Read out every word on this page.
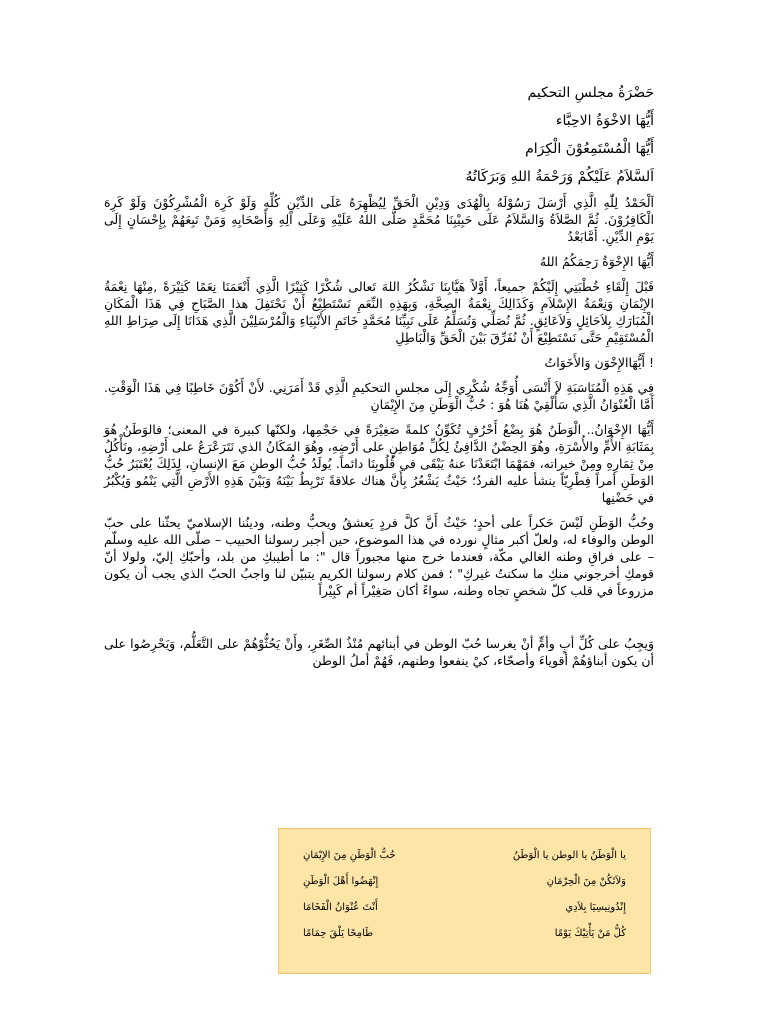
حَضْرَةُ مجلسِ التحكيم
أَيُّهَا الاخْوَةُ الاحِبَّاء
أَيُّهَا الْمُسْتَمِعُوْنَ الْكِرَام
اَلسَّلاَمُ عَلَيْكُمْ وَرَحْمَةُ اللهِ وَبَرَكَاتُهُ

اَلْحَمْدُ لِلّٰهِ الَّذِي أَرْسَلَ رَسُوْلَهُ بِالْهُدَى وَدِيْنِ الْحَقِّ لِيُظْهِرَهُ عَلَى الدِّيْنِ كُلِّهِ وَلَوْ كَرِهَ الْمُشْرِكُوْنَ وَلَوْ كَرِهَ الْكَافِرُوْنَ. ثُمَّ الصَّلاَةُ وَالسَّلاَمُ عَلَى حَبِيْبِنَا مُحَمَّدٍ صَلَّى اللهُ عَلَيْهِ وَعَلَى آلِهِ وَأَصْحَابِهِ وَمَنْ تَبِعَهُمْ بِإِحْسَانٍ إِلَى يَوْمِ الدِّيْنِ. أَمَّابَعْدُ

أَيُّهَا الإِخْوَةُ رَحِمَكُمُ اللهُ

قَبْلَ إِلْقَاءِ خُطْبَتِي إِلَيْكُمْ جميعاً، أَوَّلاً هَيَّابِنَا نَشْكُرُ اللهَ تَعالى شُكْرًا كَثِيْرًا الَّذِي أَنْعَمَنَا نِعَمًا كَثِيْرَةً ,مِنْهَا نِعْمَةُ الإِيْمَانِ وَنِعْمَةُ الإِسْلاَمِ وَكَذَالِكَ نِعْمَةُ الصِحَّةِ، وَبِهَذِهِ النِّعَمِ نَسْتَطِيْعُ أَنْ نَحْتَفِلَ هذا الصَّبَاحِ فِي هَذَا الْمَكَانِ الْمُبَارَكِ بِلاَحَائِلٍ وَلاَعَائِقٍ. ثُمَّ نُصَلِّي وَنُسَلِّمُ عَلَى نَبِيِّنَا مُحَمَّدٍ خَاتَمِ الأَنْبِيَاءِ وَالْمُرْسَلِيْنَ الَّذِي هَدَانَا إِلَى صِرَاطِ اللهِ الْمُسْتَقِيْمِ حَتَّى نَسْتَطِيْعَ أَنْ نُفَرِّقَ بَيْنَ الْحَقِّ وَالْبَاطِلِ

! أَيُّهَاالإِخْوَن وَالأَخَوَاتُ

فِي هَذِهِ الْمُنَاسَبَةِ لاَ أَنْسَى أُوَجِّهُ شُكْرِي إِلَى مجلسِ التحكيمِ الَّذِي قَدْ أَمَرَنِي. لأَنْ أَكُوْنَ خَاطِبًا فِي هَذَا الْوَقْتِ. أَمَّا الْعُنْوَانُ الَّذِي سَأُلْقِيْ هُنَا هُوَ : حُبُّ الْوَطَنِ مِنَ الإِيْمَانِ

أَيُّهَا الإِخْوَانُ.. الْوَطَنُ هُوَ بِضْعُ أَحْرُفٍ تُكَوِّنُ كلمةً صَغِيْرَةً في حَجْمِها، ولكنّها كبيرة في المعنى؛ فالوَطَنُ هُوَ بِمَثَابَةِ الأُمِّ والأُسْرَةِ، وهُوَ الحِضْنُ الدَّافِئُ لِكُلِّ مُوَاطِنٍ على أَرْضِهِ، وهُوَ المَكَانُ الذي نَتَرَعْرَعُ على أَرْضِهِ، ونَأْكُلُ مِنْ ثِمَارِهِ ومِنْ خيراته، فمَهْمَا ابْتَعَدْنَا عنهُ يَبْقَى في قُلُوبِنَا دائماً. يُولَدُ حُبُّ الوطنِ مَعَ الإنسانِ، لِذَلِكَ يُعْتَبَرُ حُبُّ الوَطَنِ أمراً فِطْرِيّاً ينشأ عليه الفردُ؛ حَيْثُ يَشْعُرُ بِأَنَّ هناك علاقةً تَرْبِطُ بَيْنَهُ وَبَيْنَ هَذِهِ الأَرْضِ الَّتِي يَنْمُو وَيُكْبُرُ في حَضْنِها

وحُبُّ الوَطَنِ لَيْسَ حَكراً على أحدٍ؛ حَيْثُ أَنَّ كلَّ فردٍ يَعشقُ ويحبُّ وطنه، ودينُنا الإسلاميّ يحثّنا على حبّ الوطن والوفاء له، ولعلّ أكبر مثالٍ نورده في هذا الموضوع، حين أجبر رسولنا الحبيب – صلّى الله عليه وسلّم – على فراقِ وطنه الغالي مكّة، فعندما خرج منها مجبوراً قال ": ما أطيبكِ من بلد، وأحبّكِ إليّ، ولولا أنّ قومكِ أخرجوني منكِ ما سكنتُ غيركِ" ؛ فمن كلام رسولنا الكريم يتبيّن لنا واجبُ الحبّ الذي يجب أن يكون مزروعاً في قلب كلّ شخصٍ تجاه وطنه، سواءً أكان صَغِيْراً أم كَبِيْراً

وَيجِبُ على كُلِّ أبٍ وأمٍّ أنْ يغرسا حُبّ الوطن في أبنائهم مُنْذُ الصِّغَرِ، وأَنْ يَحُثُّوْهُمْ على التَّعَلُّم، وَيَحْرِصُوا على أن يكون أبناؤهُمْ أقوياءَ وأصحّاء، كيْ ينفعوا وطنهم، فَهُمْ أملُ الوطن

يا الْوَطَنُ يا الوطن يا الْوَطَنُ
حُبُّ الْوَطَنِ مِنَ الإِيْمَانِ
وَلاَتَكُنْ مِنَ الْحِرْمَانِ
إِنْهَضُوا أَهْلَ الْوَطَنِ
إِنْدُونِيسِيَا بِلاَدِي
أَنْتَ عُنْوَانُ الْفَخَامَا
كُلُّ مَنْ يَأْتِيْكَ يَوْمًا
طَامِحًا يَلْقَ حِمَامًا
